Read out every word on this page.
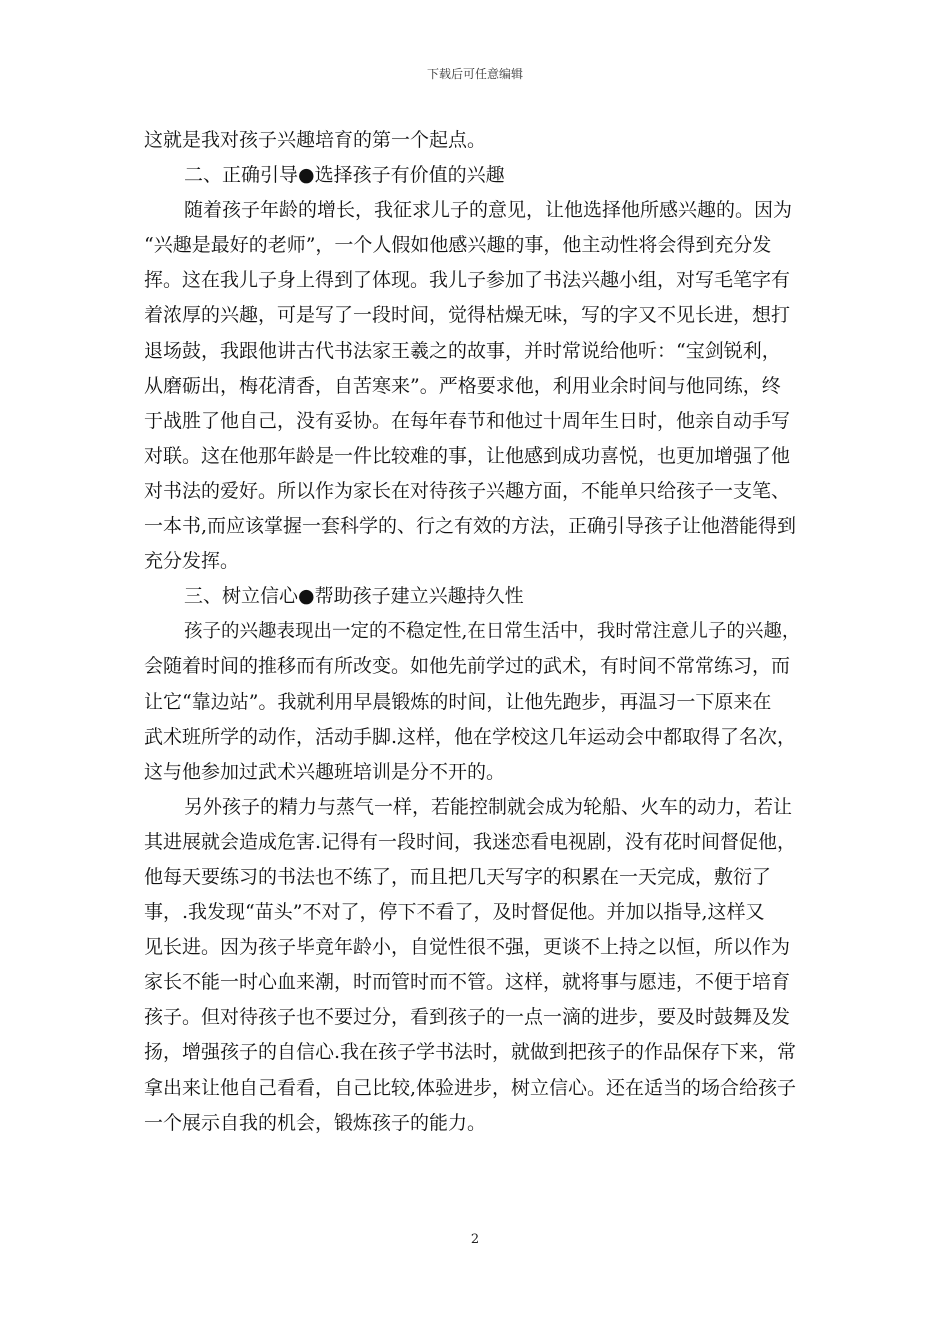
下载后可任意编辑
这就是我对孩子兴趣培育的第一个起点。
二、正确引导●选择孩子有价值的兴趣
随着孩子年龄的增长，我征求儿子的意见，让他选择他所感兴趣的。因为
“兴趣是最好的老师”，一个人假如他感兴趣的事，他主动性将会得到充分发
挥。这在我儿子身上得到了体现。我儿子参加了书法兴趣小组，对写毛笔字有
着浓厚的兴趣，可是写了一段时间，觉得枯燥无味，写的字又不见长进，想打
退场鼓，我跟他讲古代书法家王羲之的故事，并时常说给他听：“宝剑锐利，
从磨砺出，梅花清香，自苦寒来”。严格要求他，利用业余时间与他同练，终
于战胜了他自己，没有妥协。在每年春节和他过十周年生日时，他亲自动手写
对联。这在他那年龄是一件比较难的事，让他感到成功喜悦，也更加增强了他
对书法的爱好。所以作为家长在对待孩子兴趣方面，不能单只给孩子一支笔、
一本书,而应该掌握一套科学的、行之有效的方法，正确引导孩子让他潜能得到
充分发挥。
三、树立信心●帮助孩子建立兴趣持久性
孩子的兴趣表现出一定的不稳定性,在日常生活中，我时常注意儿子的兴趣，
会随着时间的推移而有所改变。如他先前学过的武术，有时间不常常练习，而
让它“靠边站”。我就利用早晨锻炼的时间，让他先跑步，再温习一下原来在
武术班所学的动作，活动手脚.这样，他在学校这几年运动会中都取得了名次，
这与他参加过武术兴趣班培训是分不开的。
另外孩子的精力与蒸气一样，若能控制就会成为轮船、火车的动力，若让
其进展就会造成危害.记得有一段时间，我迷恋看电视剧，没有花时间督促他，
他每天要练习的书法也不练了，而且把几天写字的积累在一天完成，敷衍了
事，.我发现“苗头”不对了，停下不看了，及时督促他。并加以指导,这样又
见长进。因为孩子毕竟年龄小，自觉性很不强，更谈不上持之以恒，所以作为
家长不能一时心血来潮，时而管时而不管。这样，就将事与愿违，不便于培育
孩子。但对待孩子也不要过分，看到孩子的一点一滴的进步，要及时鼓舞及发
扬，增强孩子的自信心.我在孩子学书法时，就做到把孩子的作品保存下来，常
拿出来让他自己看看，自己比较,体验进步，树立信心。还在适当的场合给孩子
一个展示自我的机会，锻炼孩子的能力。
2
